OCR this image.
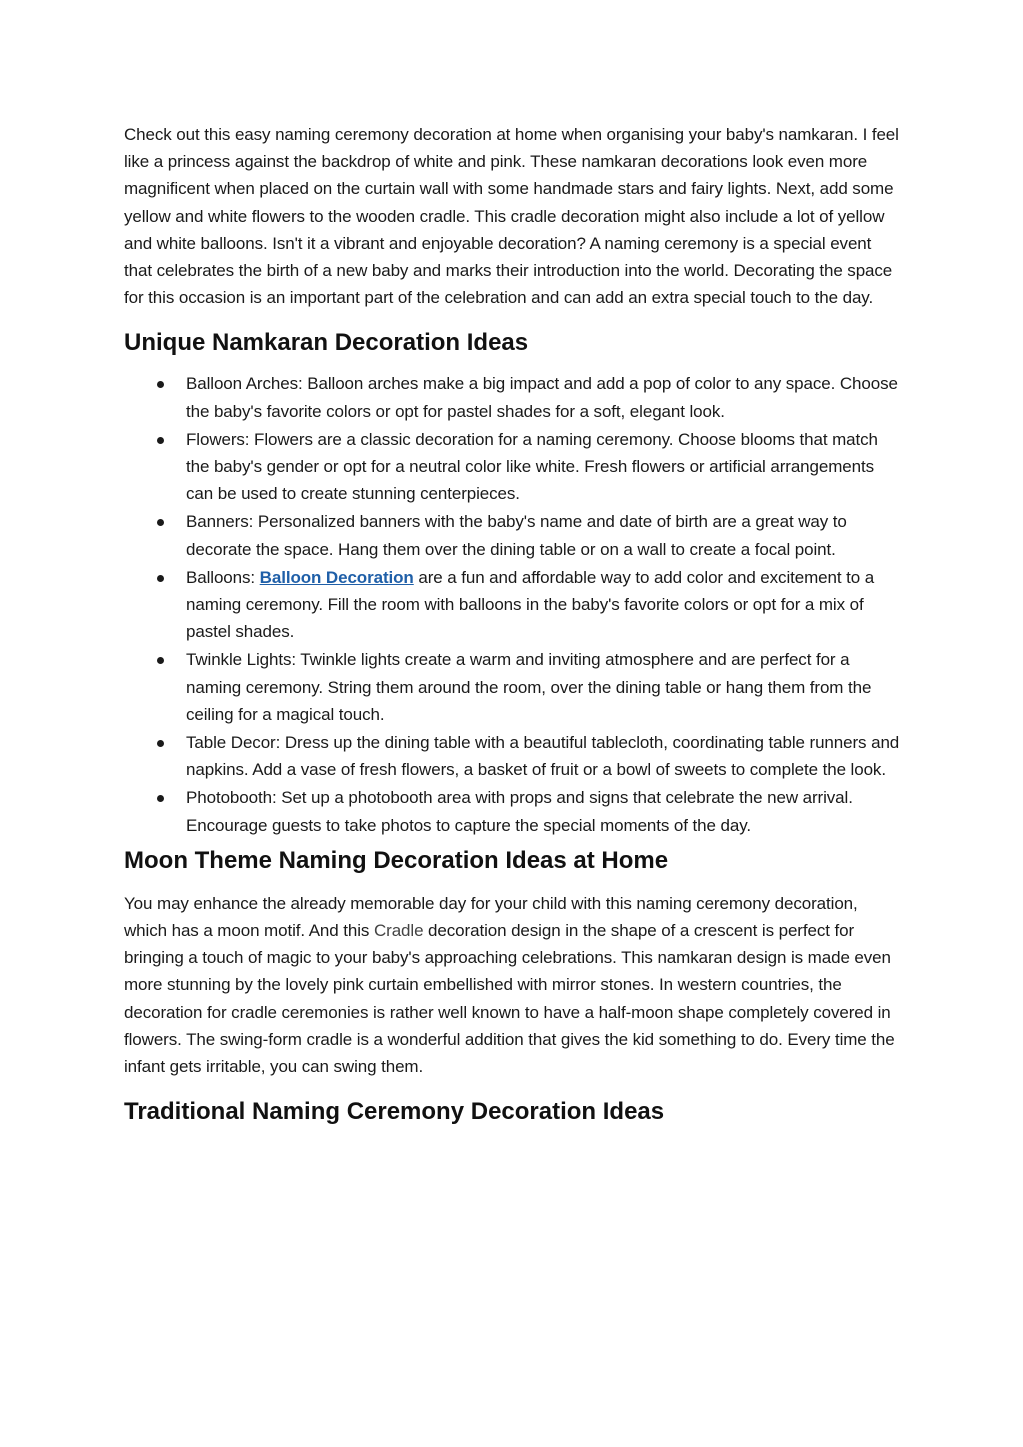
Check out this easy naming ceremony decoration at home when organising your baby's namkaran. I feel like a princess against the backdrop of white and pink. These namkaran decorations look even more magnificent when placed on the curtain wall with some handmade stars and fairy lights. Next, add some yellow and white flowers to the wooden cradle. This cradle decoration might also include a lot of yellow and white balloons. Isn't it a vibrant and enjoyable decoration? A naming ceremony is a special event that celebrates the birth of a new baby and marks their introduction into the world. Decorating the space for this occasion is an important part of the celebration and can add an extra special touch to the day.

Unique Namkaran Decoration Ideas
Balloon Arches: Balloon arches make a big impact and add a pop of color to any space. Choose the baby's favorite colors or opt for pastel shades for a soft, elegant look.
Flowers: Flowers are a classic decoration for a naming ceremony. Choose blooms that match the baby's gender or opt for a neutral color like white. Fresh flowers or artificial arrangements can be used to create stunning centerpieces.
Banners: Personalized banners with the baby's name and date of birth are a great way to decorate the space. Hang them over the dining table or on a wall to create a focal point.
Balloons: Balloon Decoration are a fun and affordable way to add color and excitement to a naming ceremony. Fill the room with balloons in the baby's favorite colors or opt for a mix of pastel shades.
Twinkle Lights: Twinkle lights create a warm and inviting atmosphere and are perfect for a naming ceremony. String them around the room, over the dining table or hang them from the ceiling for a magical touch.
Table Decor: Dress up the dining table with a beautiful tablecloth, coordinating table runners and napkins. Add a vase of fresh flowers, a basket of fruit or a bowl of sweets to complete the look.
Photobooth: Set up a photobooth area with props and signs that celebrate the new arrival. Encourage guests to take photos to capture the special moments of the day.
Moon Theme Naming Decoration Ideas at Home

You may enhance the already memorable day for your child with this naming ceremony decoration, which has a moon motif. And this Cradle decoration design in the shape of a crescent is perfect for bringing a touch of magic to your baby's approaching celebrations. This namkaran design is made even more stunning by the lovely pink curtain embellished with mirror stones. In western countries, the decoration for cradle ceremonies is rather well known to have a half-moon shape completely covered in flowers. The swing-form cradle is a wonderful addition that gives the kid something to do. Every time the infant gets irritable, you can swing them.

Traditional Naming Ceremony Decoration Ideas
